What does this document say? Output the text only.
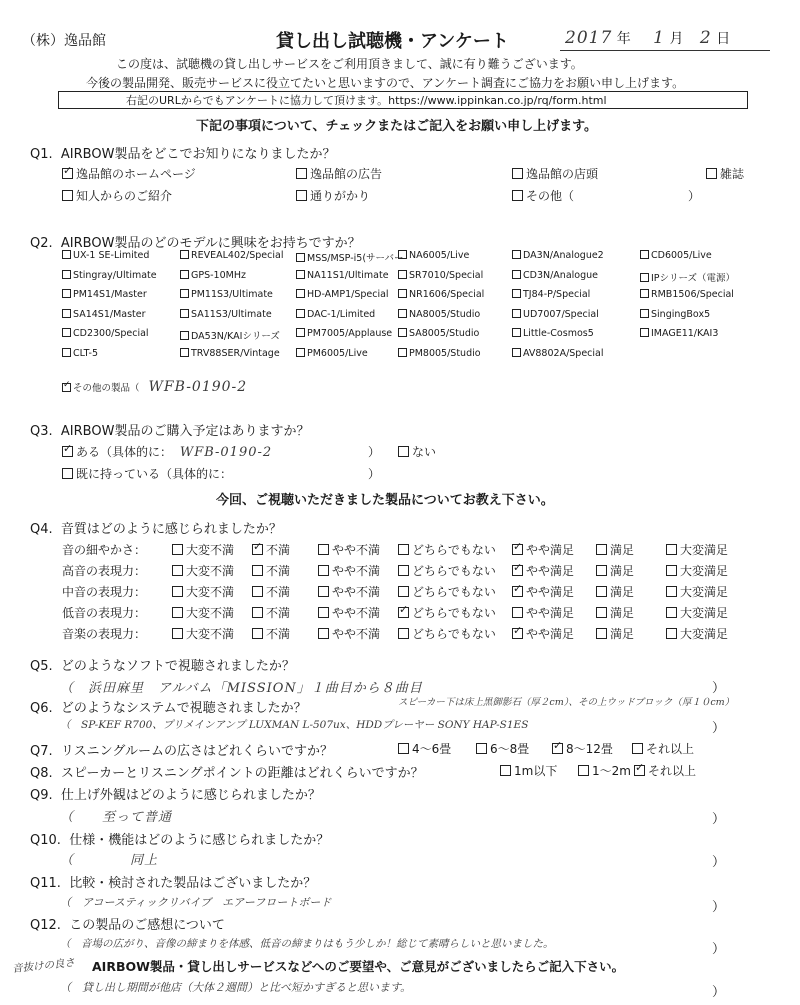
（株）逸品館	貸し出し試聴機・アンケート	2017 年 1 月 2 日
この度は、試聴機の貸し出しサービスをご利用頂きまして、誠に有り難うございます。
今後の製品開発、販売サービスに役立てたいと思いますので、アンケート調査にご協力をお願い申し上げます。
右記のURLからでもアンケートに協力して頂けます。https://www.ippinkan.co.jp/rq/form.html
下記の事項について、チェックまたはご記入をお願い申し上げます。
Q1. AIRBOW製品をどこでお知りになりましたか？
✓逸品館のホームページ	逸品館の広告	逸品館の店頭	雑誌
知人からのご紹介	通りがかり	その他（	）
Q2. AIRBOW製品のどのモデルに興味をお持ちですか？
UX-1 SE-Limited	REVEAL402/Special	MSS/MSP-i5(サーバー NA6005/Live	DA3N/Analogue2	CD6005/Live
Stingray/Ultimate	GPS-10MHz	NA11S1/Ultimate	SR7010/Special	CD3N/Analogue	IPシリーズ（電源）
PM14S1/Master	PM11S3/Ultimate	HD-AMP1/Special	NR1606/Special	TJ84-P/Special	RMB1506/Special
SA14S1/Master	SA11S3/Ultimate	DAC-1/Limited	NA8005/Studio	UD7007/Special	SingingBox5
CD2300/Special	DA53N/KAIシリーズ	PM7005/Applause	SA8005/Studio	Little-Cosmos5	IMAGE11/KAI3
CLT-5	TRV88SER/Vintage	PM6005/Live	PM8005/Studio	AV8802A/Special
✓その他の製品（ WFB-0190-2
Q3. AIRBOW製品のご購入予定はありますか？
✓ある（具体的に： WFB-0190-2	）	ない
既に持っている（具体的に：	）
今回、ご視聴いただきました製品についてお教え下さい。
Q4. 音質はどのように感じられましたか？
音の細やかさ：	大変不満 ✓	不満	やや不満	どちらでもない ✓	やや満足	満足	大変満足
高音の表現力：	大変不満	不満	やや不満	どちらでもない ✓	やや満足	満足	大変満足
中音の表現力：	大変不満	不満	やや不満	どちらでもない ✓	やや満足	満足	大変満足
低音の表現力：	大変不満	不満	やや不満 ✓	どちらでもない	やや満足	満足	大変満足
音楽の表現力：	大変不満	不満	やや不満	どちらでもない ✓	やや満足	満足	大変満足
Q5. どのようなソフトで視聴されましたか？
（　浜田麻里　アルバム「MISSION」１曲目から８曲目	）
Q6. どのようなシステムで視聴されましたか？	スピーカー下は床上黒御影石（厚２cm）、その上ウッドブロック（厚１０cm）
（　SP-KEF R700、プリメインアンプ LUXMAN L-507ux、HDDプレーヤー SONY HAP-S1ES	）
Q7. リスニングルームの広さはどれくらいですか？	4～6畳	6～8畳 ✓	8～12畳	それ以上
Q8. スピーカーとリスニングポイントの距離はどれくらいですか？	1m以下	1～2m ✓	それ以上
Q9. 仕上げ外観はどのように感じられましたか？
（　　至って普通	）
Q10. 仕様・機能はどのように感じられましたか？
（　　　　同上	）
Q11. 比較・検討された製品はございましたか？
（　アコースティックリバイブ　エアーフロートボード	）
Q12. この製品のご感想について
（　音場の広がり、音像の締まりを体感、低音の締まりはもう少しか！総じて素晴らしいと思いました。	）
音抜けの良さ AIRBOW製品・貸し出しサービスなどへのご要望や、ご意見がございましたらご記入下さい。
（　貸し出し期間が他店（大体２週間）と比べ短かすぎると思います。	）
